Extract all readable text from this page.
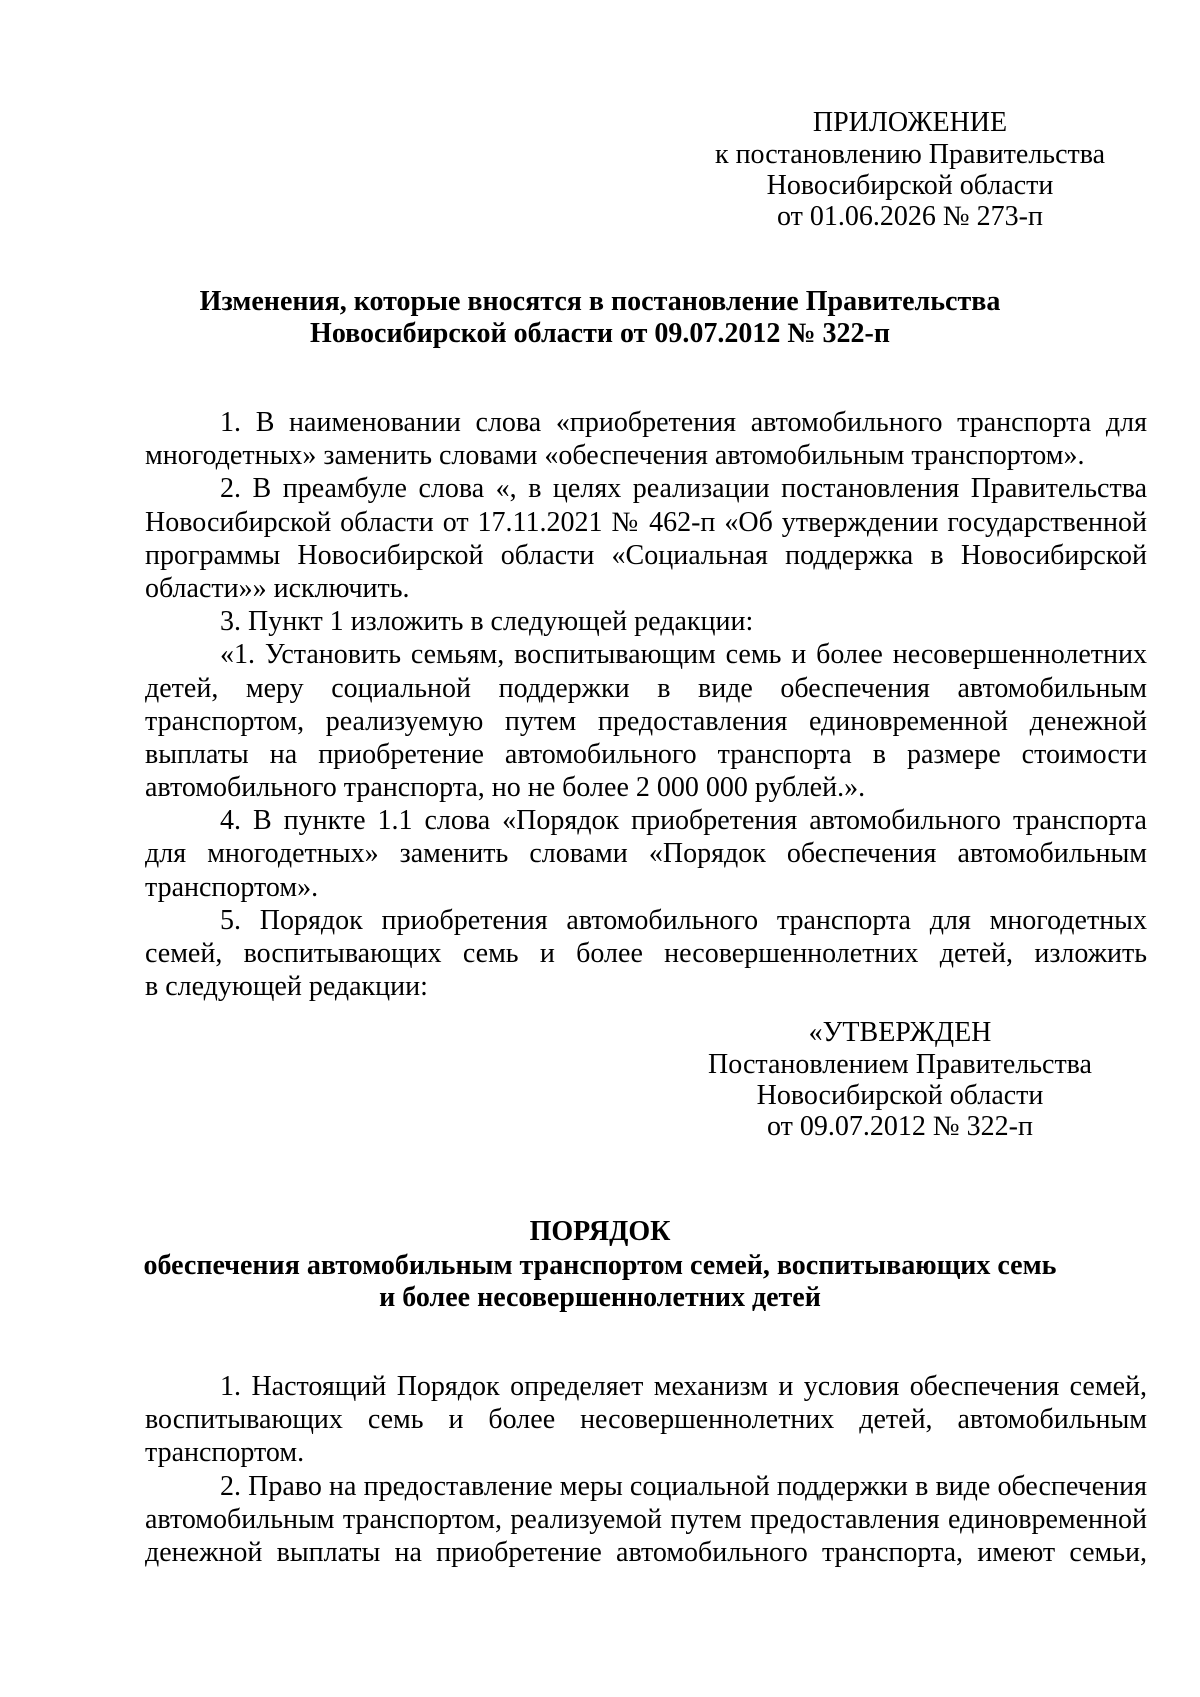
ПРИЛОЖЕНИЕ
к постановлению Правительства
Новосибирской области
от 01.06.2026 № 273-п
Изменения, которые вносятся в постановление Правительства
Новосибирской области от 09.07.2012 № 322-п
1. В наименовании слова «приобретения автомобильного транспорта для
многодетных» заменить словами «обеспечения автомобильным транспортом».
2. В преамбуле слова «, в целях реализации постановления Правительства
Новосибирской области от 17.11.2021 № 462-п «Об утверждении государственной
программы Новосибирской области «Социальная поддержка в Новосибирской
области»» исключить.
3. Пункт 1 изложить в следующей редакции:
«1. Установить семьям, воспитывающим семь и более несовершеннолетних
детей, меру социальной поддержки в виде обеспечения автомобильным
транспортом, реализуемую путем предоставления единовременной денежной
выплаты на приобретение автомобильного транспорта в размере стоимости
автомобильного транспорта, но не более 2 000 000 рублей.».
4. В пункте 1.1 слова «Порядок приобретения автомобильного транспорта
для многодетных» заменить словами «Порядок обеспечения автомобильным
транспортом».
5. Порядок приобретения автомобильного транспорта для многодетных
семей, воспитывающих семь и более несовершеннолетних детей, изложить
в следующей редакции:
«УТВЕРЖДЕН
Постановлением Правительства
Новосибирской области
от 09.07.2012 № 322-п
ПОРЯДОК
обеспечения автомобильным транспортом семей, воспитывающих семь
и более несовершеннолетних детей
1. Настоящий Порядок определяет механизм и условия обеспечения семей,
воспитывающих семь и более несовершеннолетних детей, автомобильным
транспортом.
2. Право на предоставление меры социальной поддержки в виде обеспечения
автомобильным транспортом, реализуемой путем предоставления единовременной
денежной выплаты на приобретение автомобильного транспорта, имеют семьи,
